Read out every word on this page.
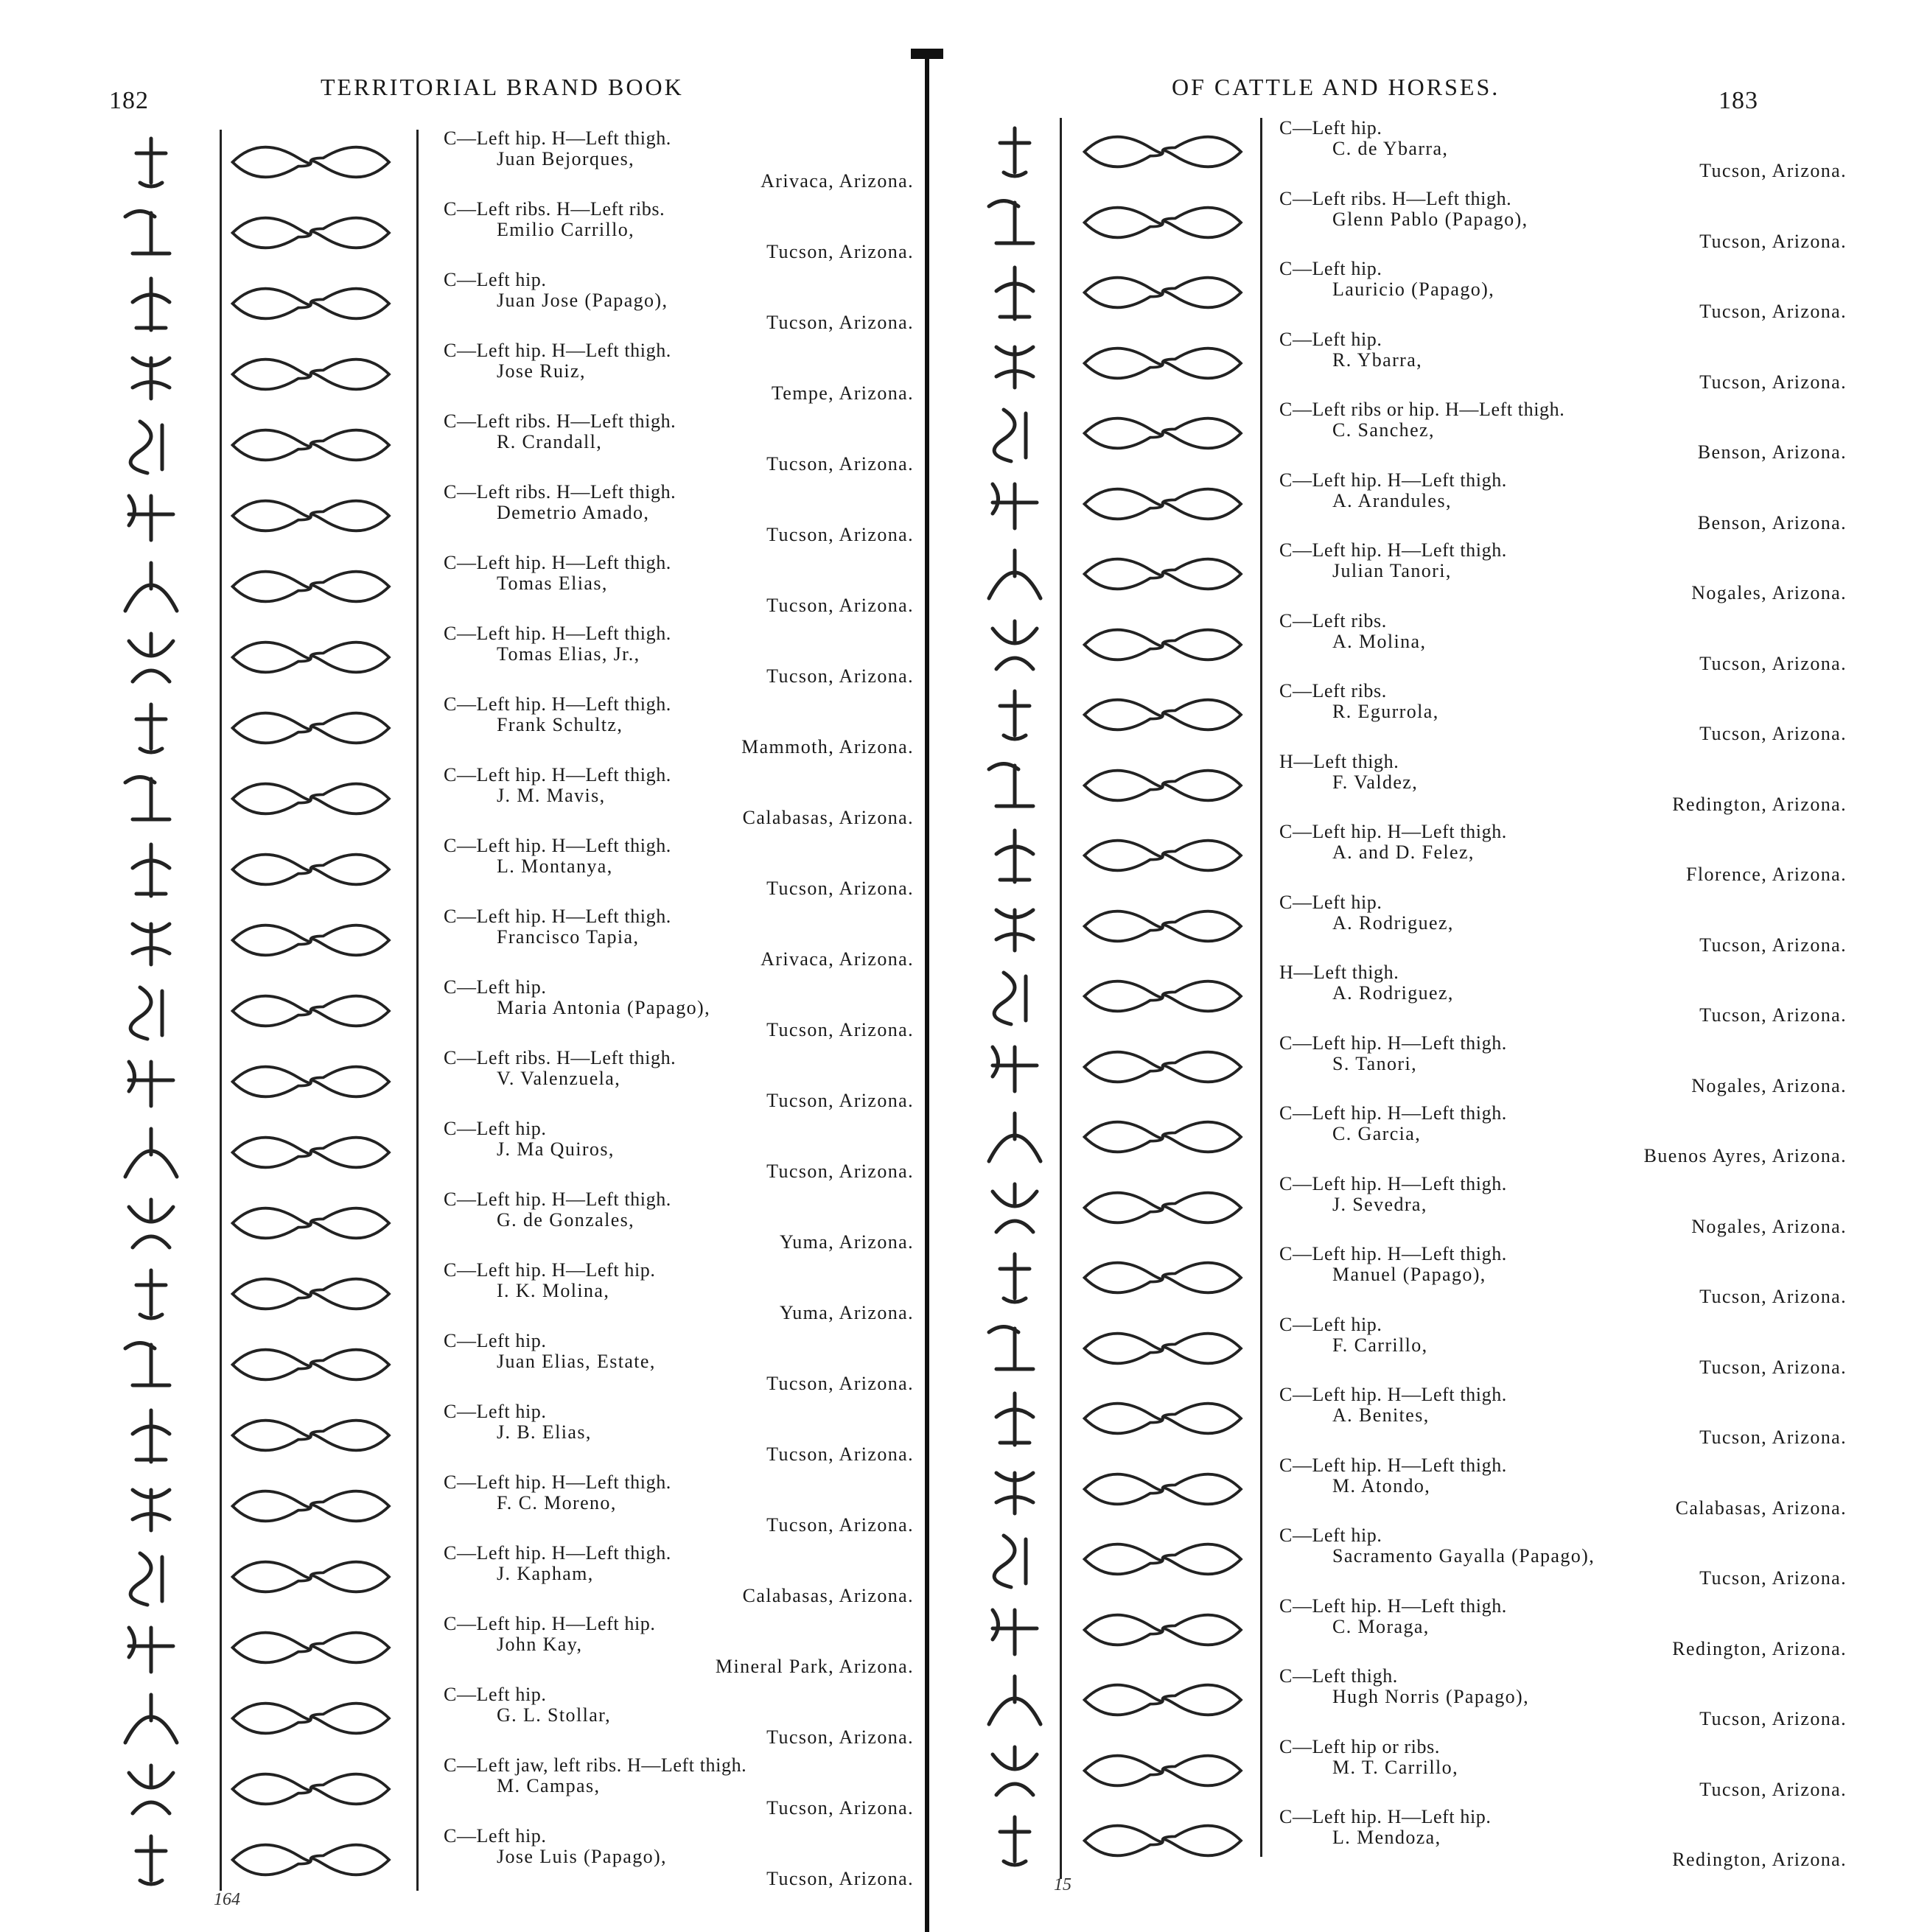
182	TERRITORIAL BRAND BOOK
C—Left hip. H—Left thigh.
Juan Bejorques,
Arivaca, Arizona.
C—Left ribs. H—Left ribs.
Emilio Carrillo,
Tucson, Arizona.
C—Left hip.
Juan Jose (Papago),
Tucson, Arizona.
C—Left hip. H—Left thigh.
Jose Ruiz,
Tempe, Arizona.
C—Left ribs. H—Left thigh.
R. Crandall,
Tucson, Arizona.
C—Left ribs. H—Left thigh.
Demetrio Amado,
Tucson, Arizona.
C—Left hip. H—Left thigh.
Tomas Elias,
Tucson, Arizona.
C—Left hip. H—Left thigh.
Tomas Elias, Jr.,
Tucson, Arizona.
C—Left hip. H—Left thigh.
Frank Schultz,
Mammoth, Arizona.
C—Left hip. H—Left thigh.
J. M. Mavis,
Calabasas, Arizona.
C—Left hip. H—Left thigh.
L. Montanya,
Tucson, Arizona.
C—Left hip. H—Left thigh.
Francisco Tapia,
Arivaca, Arizona.
C—Left hip.
Maria Antonia (Papago),
Tucson, Arizona.
C—Left ribs. H—Left thigh.
V. Valenzuela,
Tucson, Arizona.
C—Left hip.
J. Ma Quiros,
Tucson, Arizona.
C—Left hip. H—Left thigh.
G. de Gonzales,
Yuma, Arizona.
C—Left hip. H—Left hip.
I. K. Molina,
Yuma, Arizona.
C—Left hip.
Juan Elias, Estate,
Tucson, Arizona.
C—Left hip.
J. B. Elias,
Tucson, Arizona.
C—Left hip. H—Left thigh.
F. C. Moreno,
Tucson, Arizona.
C—Left hip. H—Left thigh.
J. Kapham,
Calabasas, Arizona.
C—Left hip. H—Left hip.
John Kay,
Mineral Park, Arizona.
C—Left hip.
G. L. Stollar,
Tucson, Arizona.
C—Left jaw, left ribs. H—Left thigh.
M. Campas,
Tucson, Arizona.
C—Left hip.
Jose Luis (Papago),
Tucson, Arizona.
164
183
OF CATTLE AND HORSES.
C—Left hip.
C. de Ybarra,
Tucson, Arizona.
C—Left ribs. H—Left thigh.
Glenn Pablo (Papago),
Tucson, Arizona.
C—Left hip.
Lauricio (Papago),
Tucson, Arizona.
C—Left hip.
R. Ybarra,
Tucson, Arizona.
C—Left ribs or hip. H—Left thigh.
C. Sanchez,
Benson, Arizona.
C—Left hip. H—Left thigh.
A. Arandules,
Benson, Arizona.
C—Left hip. H—Left thigh.
Julian Tanori,
Nogales, Arizona.
C—Left ribs.
A. Molina,
Tucson, Arizona.
C—Left ribs.
R. Egurrola,
Tucson, Arizona.
H—Left thigh.
F. Valdez,
Redington, Arizona.
C—Left hip. H—Left thigh.
A. and D. Felez,
Florence, Arizona.
C—Left hip.
A. Rodriguez,
Tucson, Arizona.
H—Left thigh.
A. Rodriguez,
Tucson, Arizona.
C—Left hip. H—Left thigh.
S. Tanori,
Nogales, Arizona.
C—Left hip. H—Left thigh.
C. Garcia,
Buenos Ayres, Arizona.
C—Left hip. H—Left thigh.
J. Sevedra,
Nogales, Arizona.
C—Left hip. H—Left thigh.
Manuel (Papago),
Tucson, Arizona.
C—Left hip.
F. Carrillo,
Tucson, Arizona.
C—Left hip. H—Left thigh.
A. Benites,
Tucson, Arizona.
C—Left hip. H—Left thigh.
M. Atondo,
Calabasas, Arizona.
C—Left hip.
Sacramento Gayalla (Papago),
Tucson, Arizona.
C—Left hip. H—Left thigh.
C. Moraga,
Redington, Arizona.
C—Left thigh.
Hugh Norris (Papago),
Tucson, Arizona.
C—Left hip or ribs.
M. T. Carrillo,
Tucson, Arizona.
C—Left hip. H—Left hip.
L. Mendoza,
Redington, Arizona.
15
